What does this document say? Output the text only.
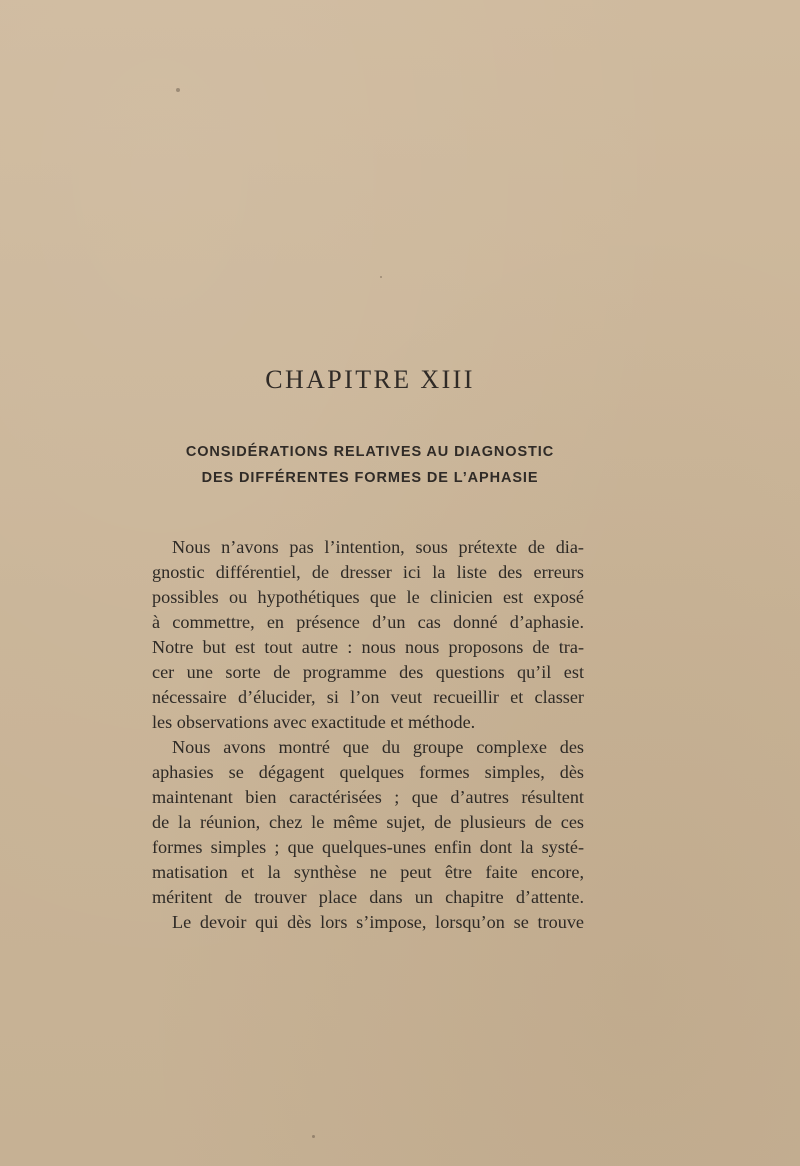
CHAPITRE XIII

CONSIDÉRATIONS RELATIVES AU DIAGNOSTIC

DES DIFFÉRENTES FORMES DE L’APHASIE

Nous n’avons pas l’intention, sous prétexte de dia-
gnostic différentiel, de dresser ici la liste des erreurs
possibles ou hypothétiques que le clinicien est exposé
à commettre, en présence d’un cas donné d’aphasie.
Notre but est tout autre : nous nous proposons de tra-
cer une sorte de programme des questions qu’il est
nécessaire d’élucider, si l’on veut recueillir et classer
les observations avec exactitude et méthode.
Nous avons montré que du groupe complexe des
aphasies se dégagent quelques formes simples, dès
maintenant bien caractérisées ; que d’autres résultent
de la réunion, chez le même sujet, de plusieurs de ces
formes simples ; que quelques-unes enfin dont la systé-
matisation et la synthèse ne peut être faite encore,
méritent de trouver place dans un chapitre d’attente.
Le devoir qui dès lors s’impose, lorsqu’on se trouve
